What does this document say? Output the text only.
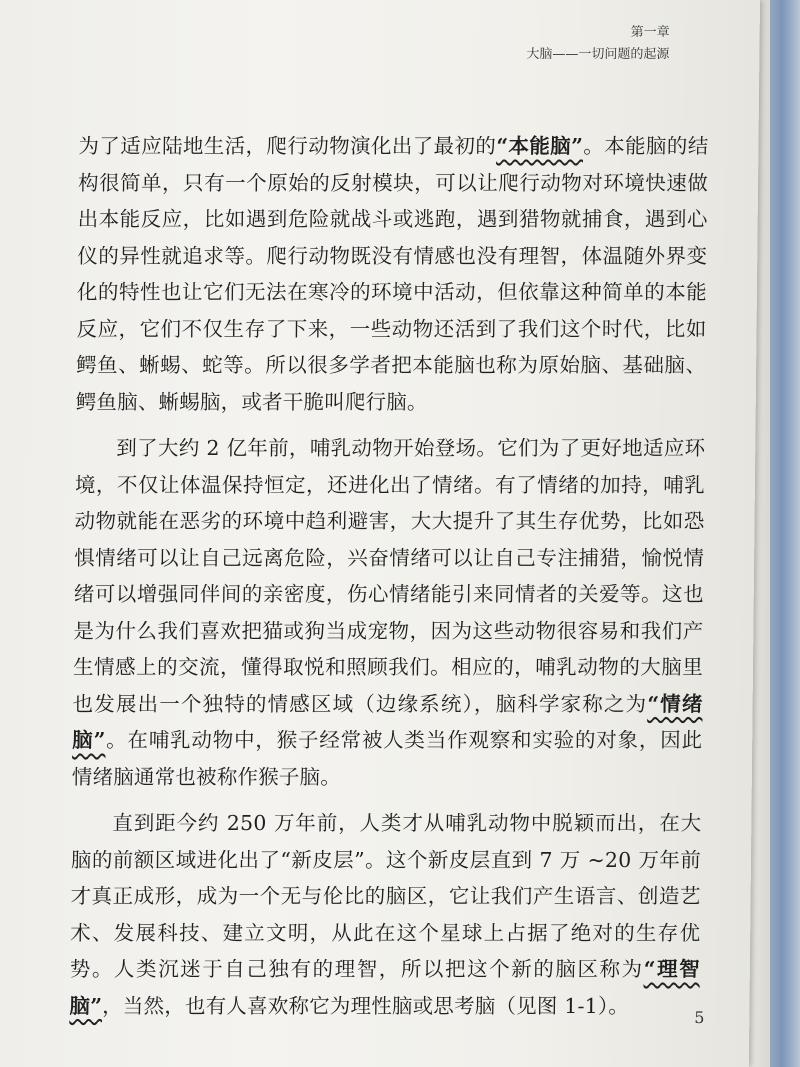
第一章
大脑——一切问题的起源

为了适应陆地生活，爬行动物演化出了最初的“本能脑”。本能脑的结构很简单，只有一个原始的反射模块，可以让爬行动物对环境快速做出本能反应，比如遇到危险就战斗或逃跑，遇到猎物就捕食，遇到心仪的异性就追求等。爬行动物既没有情感也没有理智，体温随外界变化的特性也让它们无法在寒冷的环境中活动，但依靠这种简单的本能反应，它们不仅生存了下来，一些动物还活到了我们这个时代，比如鳄鱼、蜥蜴、蛇等。所以很多学者把本能脑也称为原始脑、基础脑、鳄鱼脑、蜥蜴脑，或者干脆叫爬行脑。

到了大约 2 亿年前，哺乳动物开始登场。它们为了更好地适应环境，不仅让体温保持恒定，还进化出了情绪。有了情绪的加持，哺乳动物就能在恶劣的环境中趋利避害，大大提升了其生存优势，比如恐惧情绪可以让自己远离危险，兴奋情绪可以让自己专注捕猎，愉悦情绪可以增强同伴间的亲密度，伤心情绪能引来同情者的关爱等。这也是为什么我们喜欢把猫或狗当成宠物，因为这些动物很容易和我们产生情感上的交流，懂得取悦和照顾我们。相应的，哺乳动物的大脑里也发展出一个独特的情感区域（边缘系统），脑科学家称之为“情绪脑”。在哺乳动物中，猴子经常被人类当作观察和实验的对象，因此情绪脑通常也被称作猴子脑。

直到距今约 250 万年前，人类才从哺乳动物中脱颖而出，在大脑的前额区域进化出了“新皮层”。这个新皮层直到 7 万 ~20 万年前才真正成形，成为一个无与伦比的脑区，它让我们产生语言、创造艺术、发展科技、建立文明，从此在这个星球上占据了绝对的生存优势。人类沉迷于自己独有的理智，所以把这个新的脑区称为“理智脑”，当然，也有人喜欢称它为理性脑或思考脑（见图 1-1）。	5
